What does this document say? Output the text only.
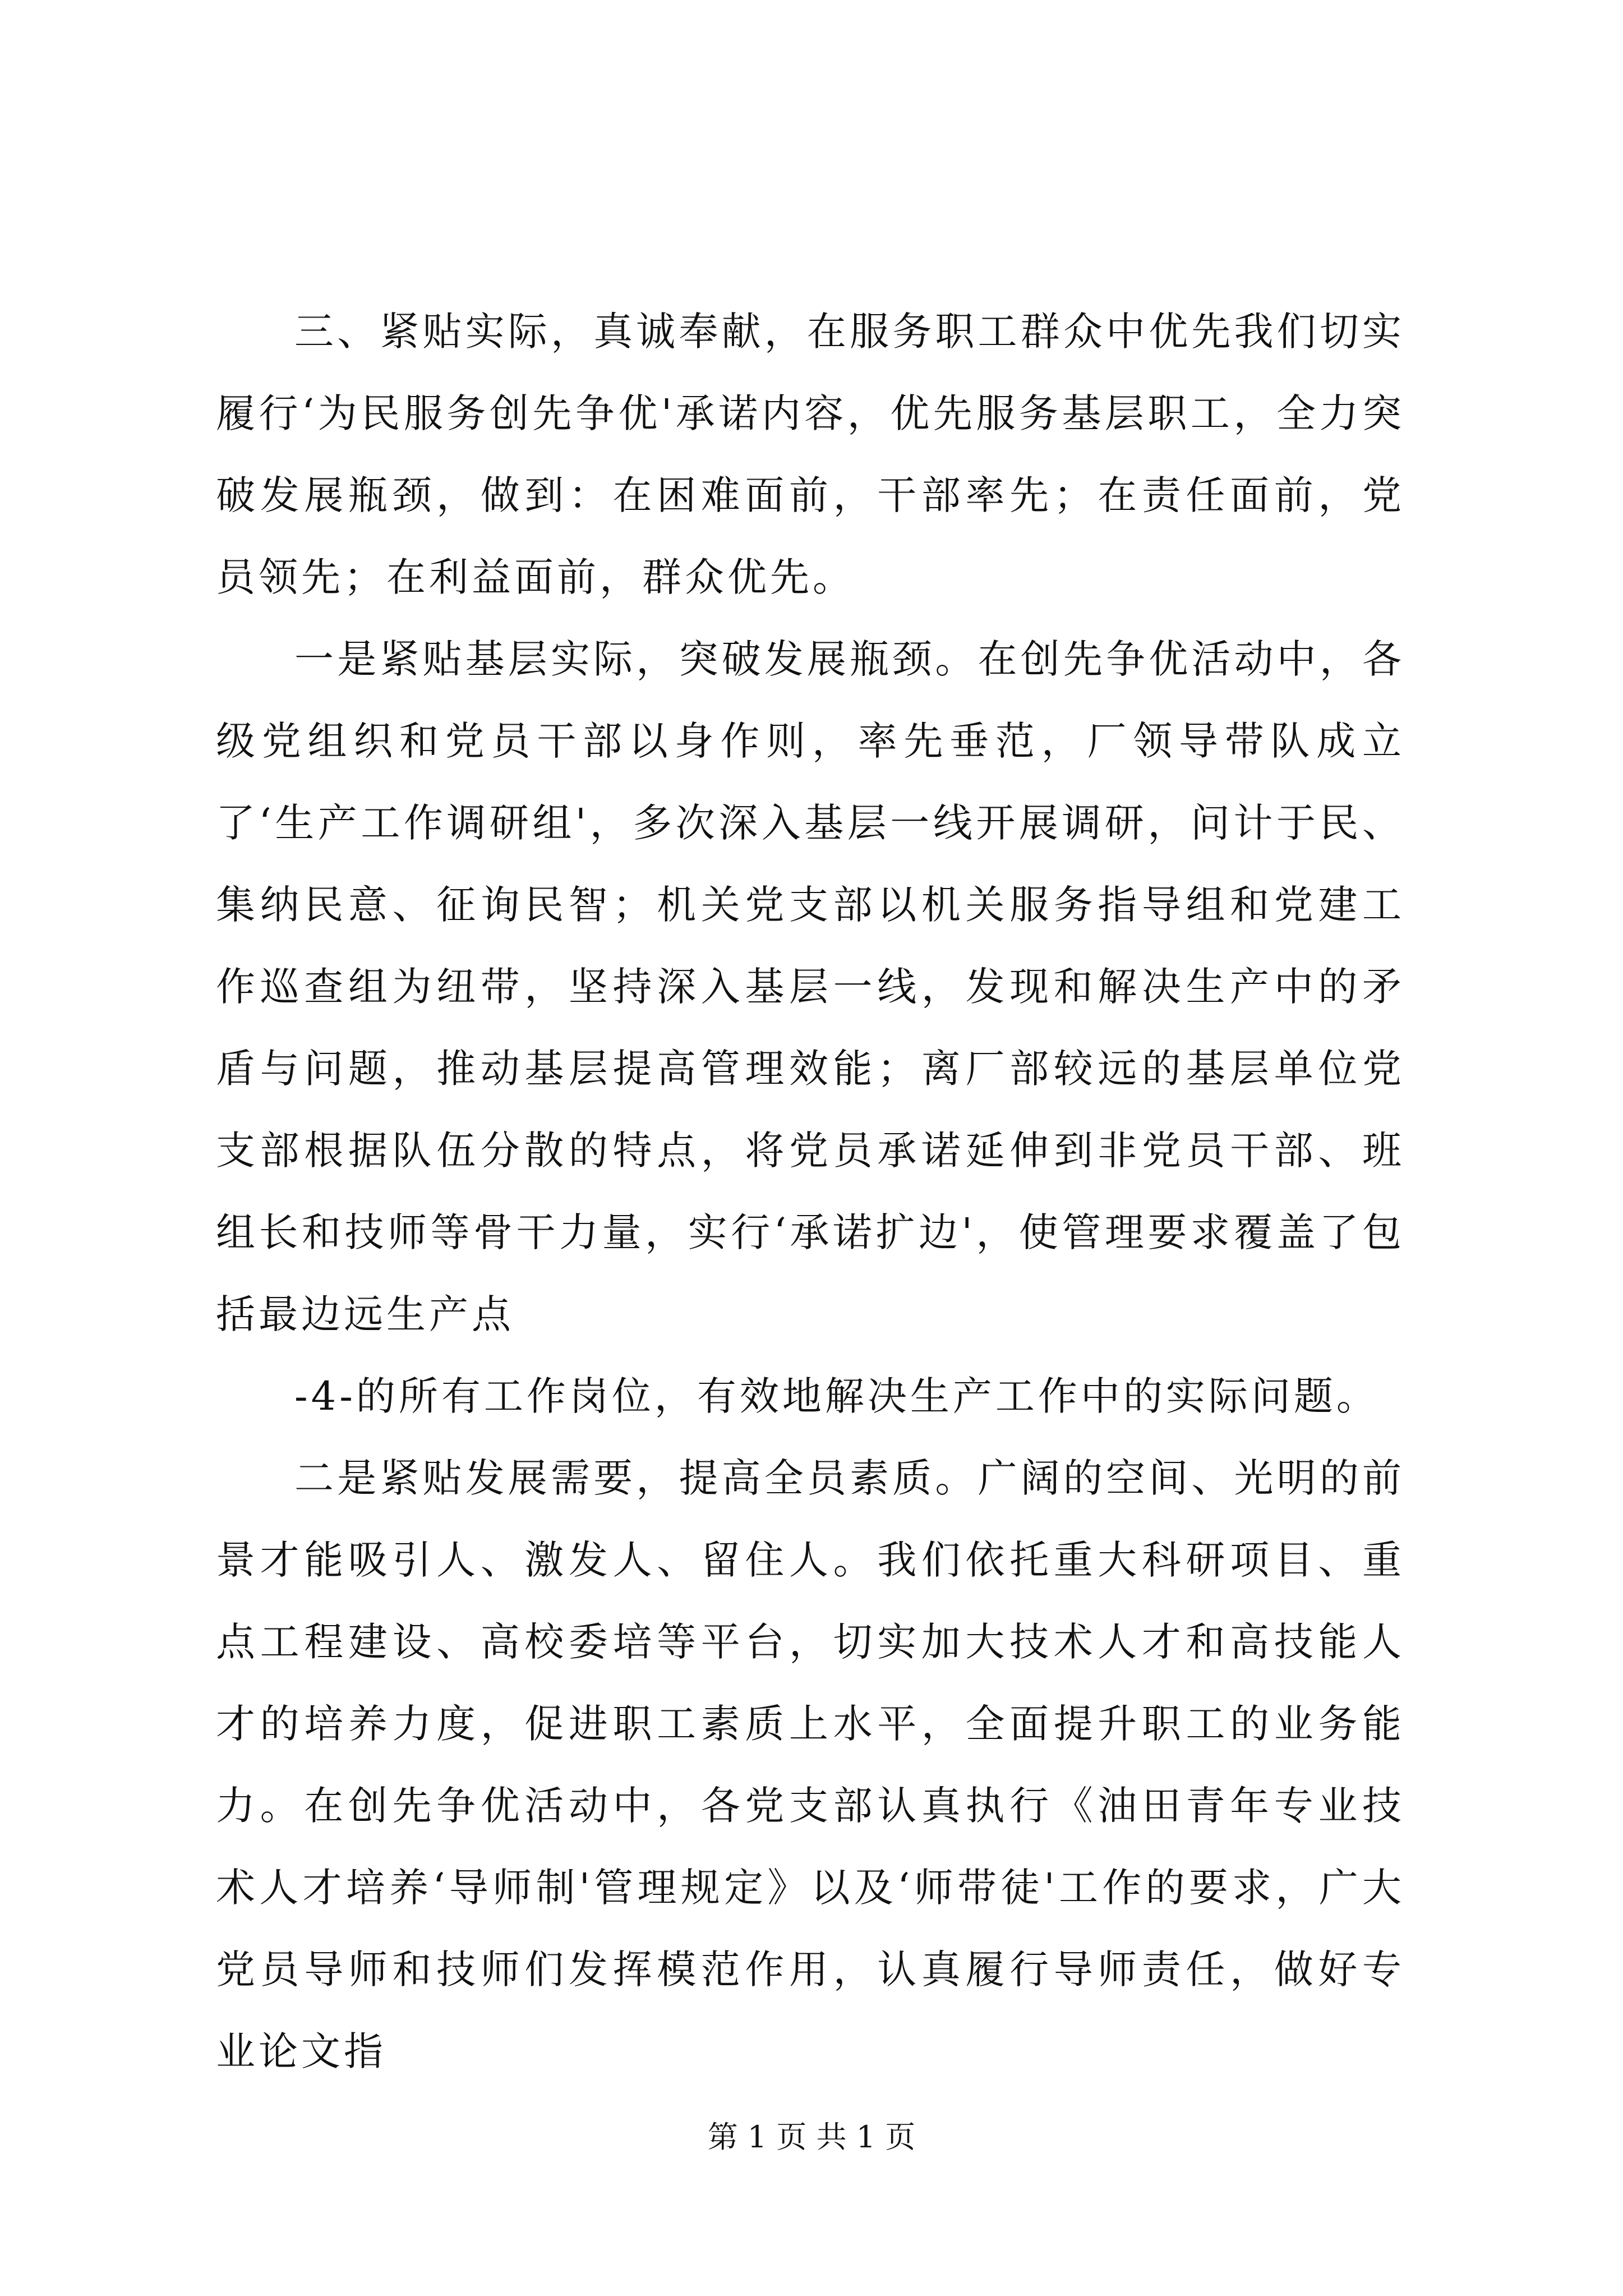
三、紧贴实际，真诚奉献，在服务职工群众中优先我们切实履行‘为民服务创先争优'承诺内容，优先服务基层职工，全力突破发展瓶颈，做到：在困难面前，干部率先；在责任面前，党员领先；在利益面前，群众优先。

一是紧贴基层实际，突破发展瓶颈。在创先争优活动中，各级党组织和党员干部以身作则，率先垂范，厂领导带队成立了‘生产工作调研组'，多次深入基层一线开展调研，问计于民、集纳民意、征询民智；机关党支部以机关服务指导组和党建工作巡查组为纽带，坚持深入基层一线，发现和解决生产中的矛盾与问题，推动基层提高管理效能；离厂部较远的基层单位党支部根据队伍分散的特点，将党员承诺延伸到非党员干部、班组长和技师等骨干力量，实行‘承诺扩边'，使管理要求覆盖了包括最边远生产点

-4-的所有工作岗位，有效地解决生产工作中的实际问题。

二是紧贴发展需要，提高全员素质。广阔的空间、光明的前景才能吸引人、激发人、留住人。我们依托重大科研项目、重点工程建设、高校委培等平台，切实加大技术人才和高技能人才的培养力度，促进职工素质上水平，全面提升职工的业务能力。在创先争优活动中，各党支部认真执行《油田青年专业技术人才培养‘导师制'管理规定》以及‘师带徒'工作的要求，广大党员导师和技师们发挥模范作用，认真履行导师责任，做好专业论文指

第 1 页 共 1 页
